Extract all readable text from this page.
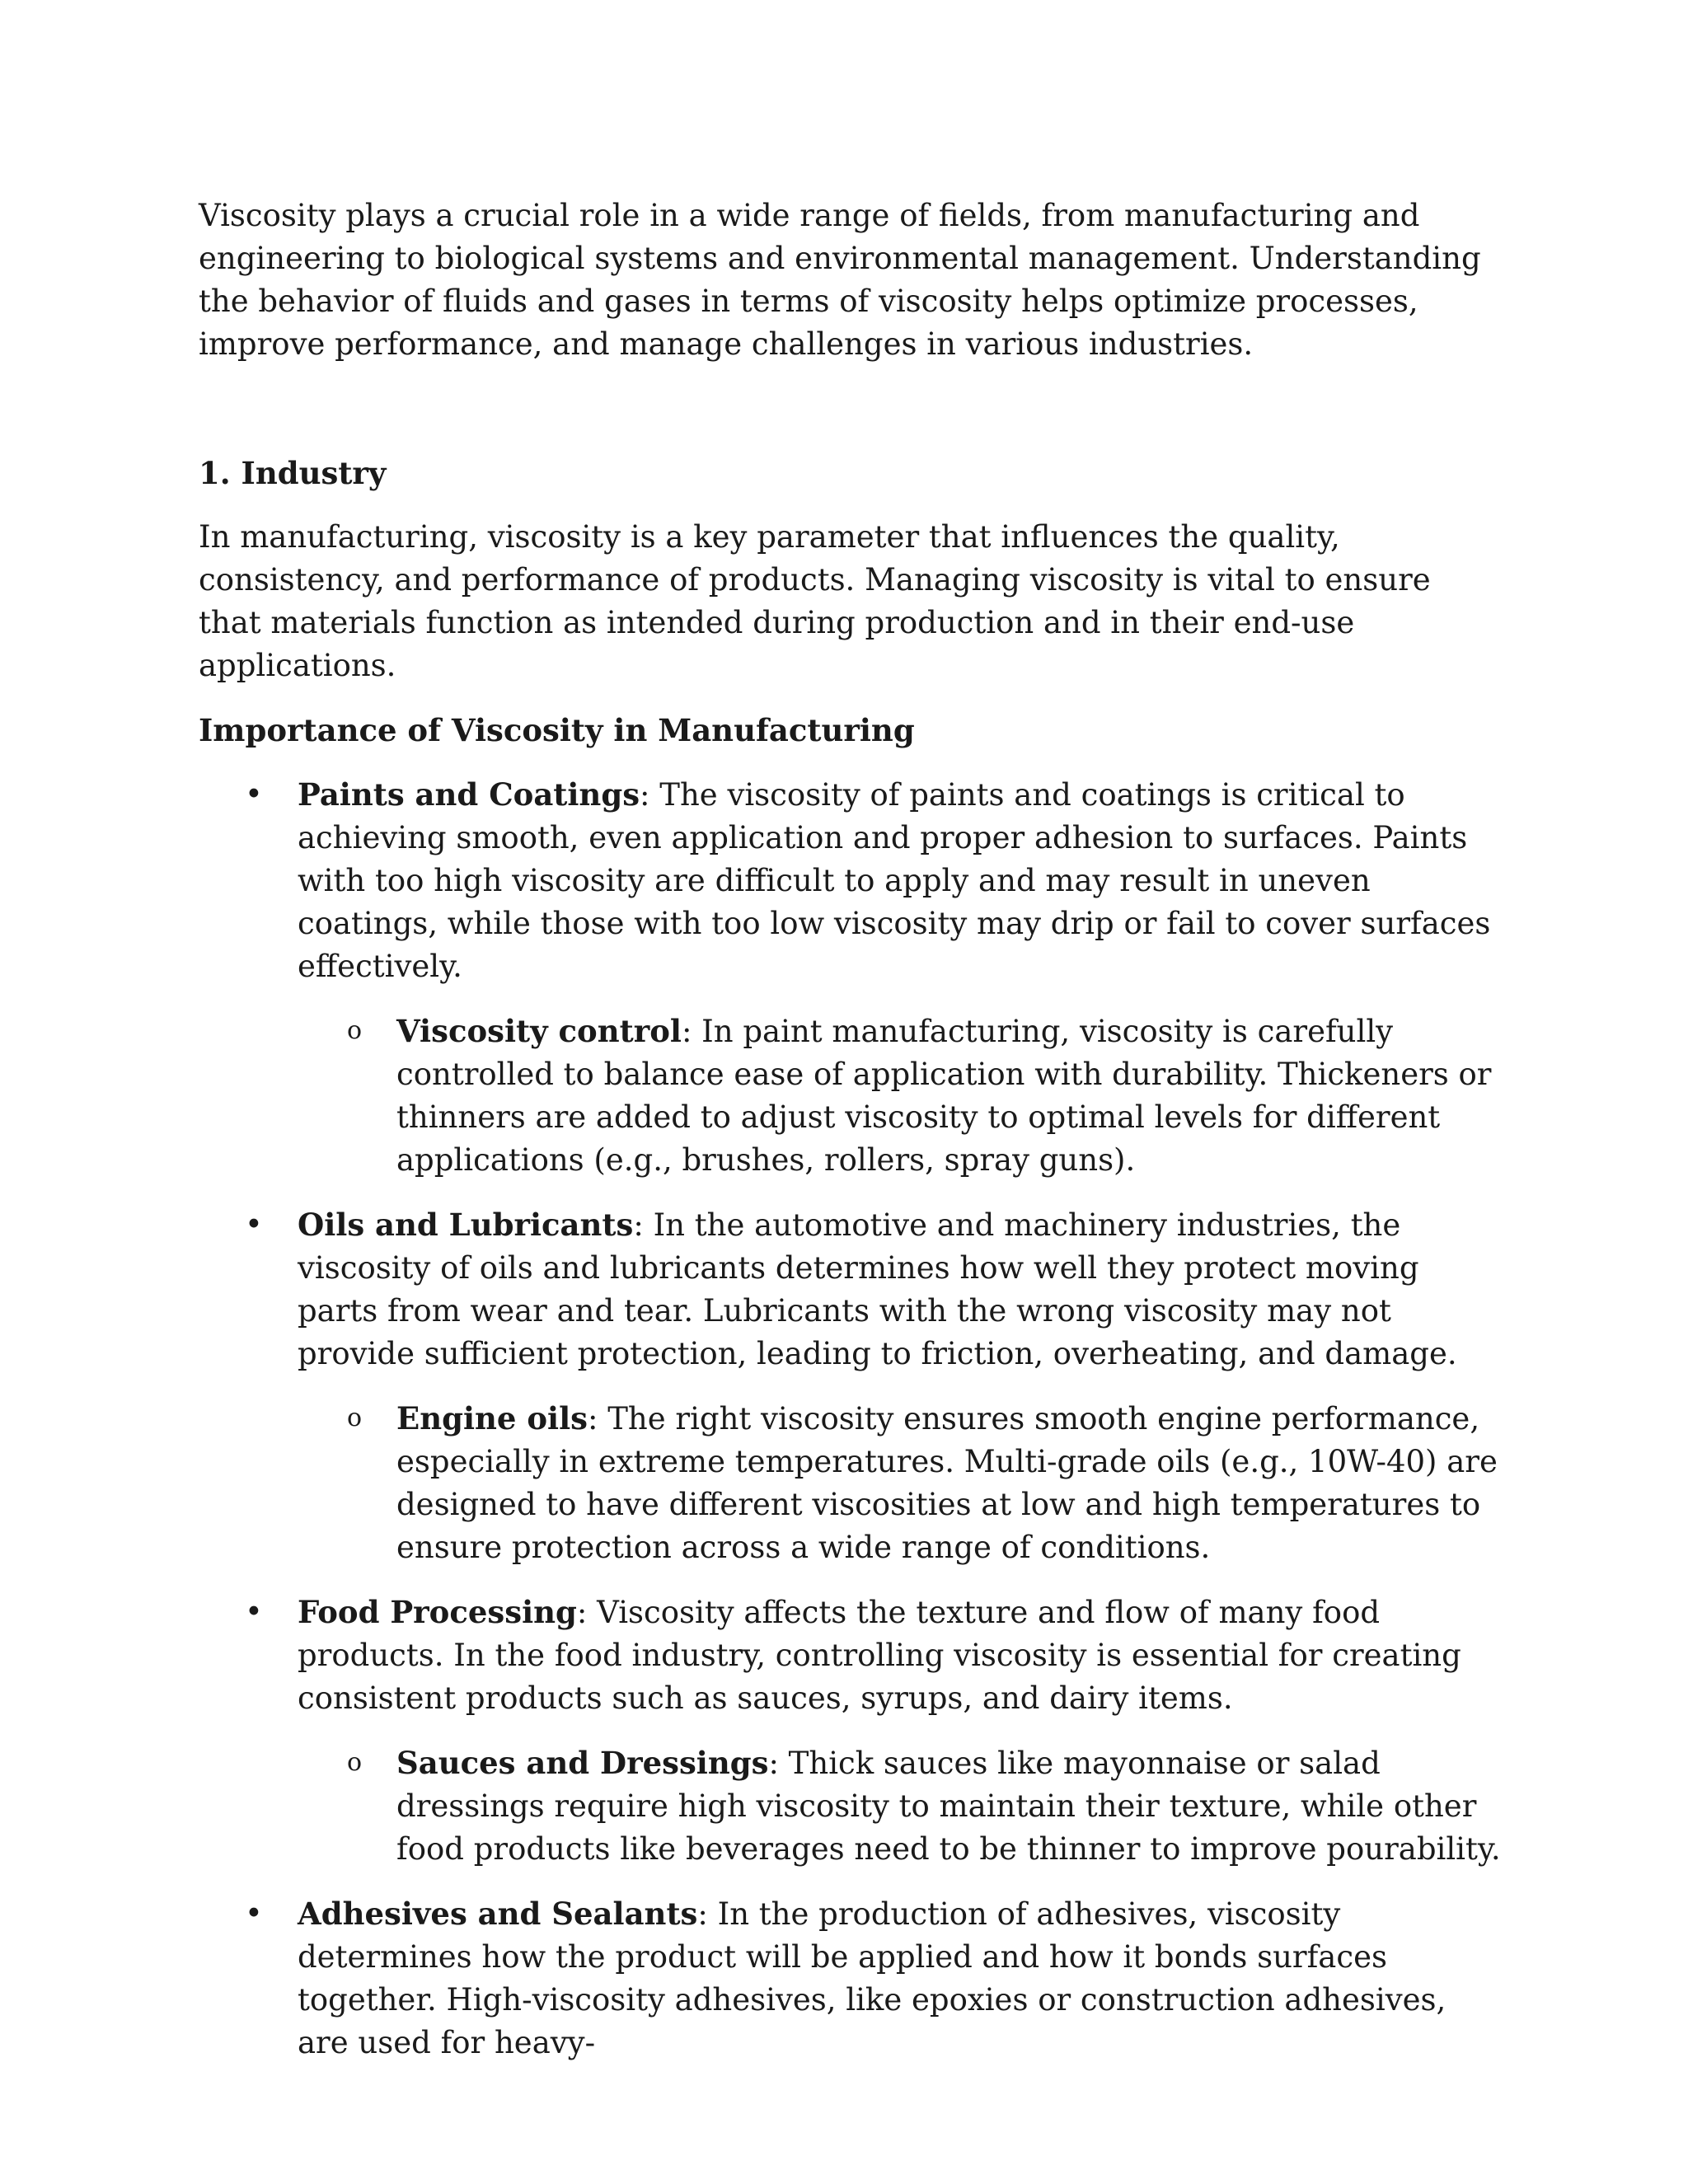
Viscosity plays a crucial role in a wide range of fields, from manufacturing and engineering to biological systems and environmental management. Understanding the behavior of fluids and gases in terms of viscosity helps optimize processes, improve performance, and manage challenges in various industries.

1. Industry

In manufacturing, viscosity is a key parameter that influences the quality, consistency, and performance of products. Managing viscosity is vital to ensure that materials function as intended during production and in their end-use applications.

Importance of Viscosity in Manufacturing

• Paints and Coatings: The viscosity of paints and coatings is critical to achieving smooth, even application and proper adhesion to surfaces. Paints with too high viscosity are difficult to apply and may result in uneven coatings, while those with too low viscosity may drip or fail to cover surfaces effectively.
o Viscosity control: In paint manufacturing, viscosity is carefully controlled to balance ease of application with durability. Thickeners or thinners are added to adjust viscosity to optimal levels for different applications (e.g., brushes, rollers, spray guns).
• Oils and Lubricants: In the automotive and machinery industries, the viscosity of oils and lubricants determines how well they protect moving parts from wear and tear. Lubricants with the wrong viscosity may not provide sufficient protection, leading to friction, overheating, and damage.
o Engine oils: The right viscosity ensures smooth engine performance, especially in extreme temperatures. Multi-grade oils (e.g., 10W-40) are designed to have different viscosities at low and high temperatures to ensure protection across a wide range of conditions.
• Food Processing: Viscosity affects the texture and flow of many food products. In the food industry, controlling viscosity is essential for creating consistent products such as sauces, syrups, and dairy items.
o Sauces and Dressings: Thick sauces like mayonnaise or salad dressings require high viscosity to maintain their texture, while other food products like beverages need to be thinner to improve pourability.
• Adhesives and Sealants: In the production of adhesives, viscosity determines how the product will be applied and how it bonds surfaces together. High-viscosity adhesives, like epoxies or construction adhesives, are used for heavy-
